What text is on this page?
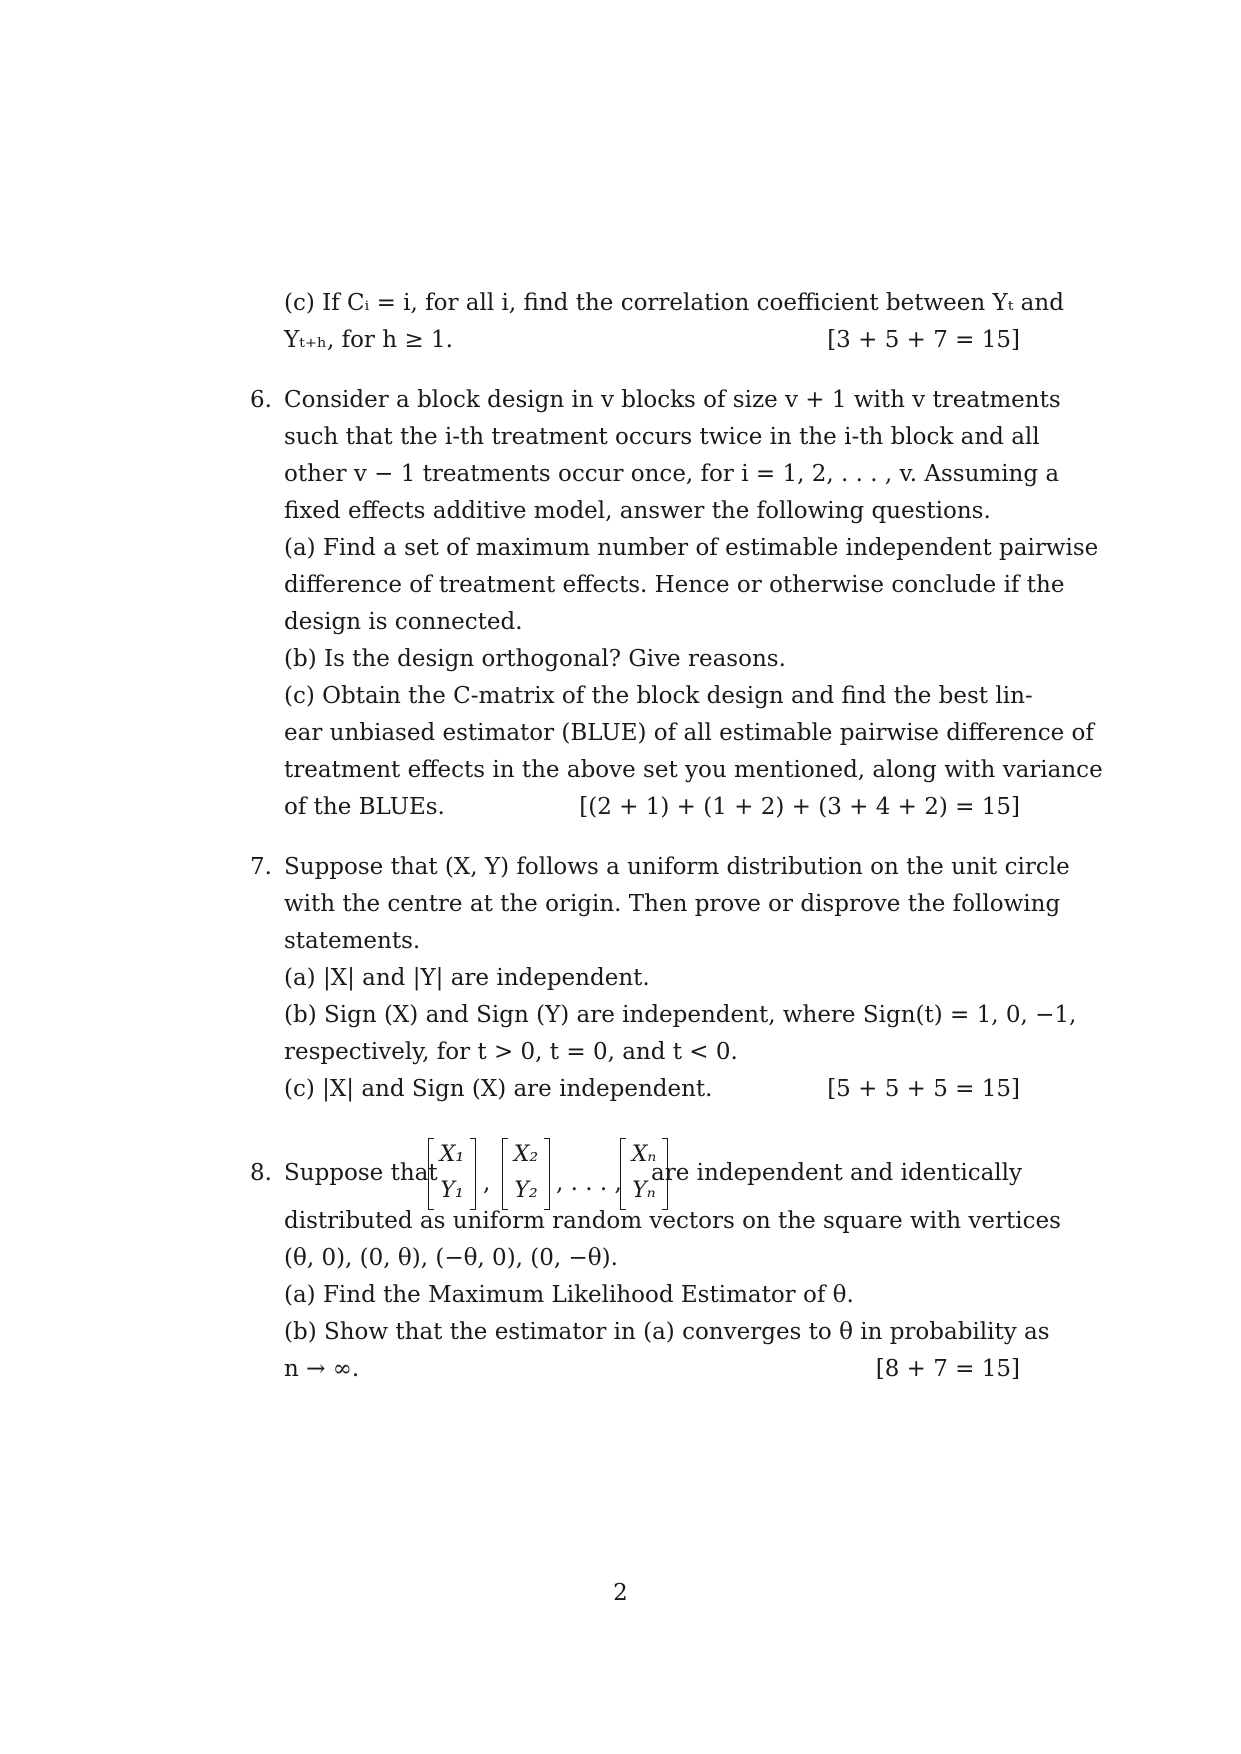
(c) If Cᵢ = i, for all i, find the correlation coefficient between Yₜ and
Yₜ₊ₕ, for h ≥ 1.	[3 + 5 + 7 = 15]
6. Consider a block design in v blocks of size v + 1 with v treatments
such that the i-th treatment occurs twice in the i-th block and all
other v − 1 treatments occur once, for i = 1, 2, . . . , v. Assuming a
fixed effects additive model, answer the following questions.
(a) Find a set of maximum number of estimable independent pairwise
difference of treatment effects. Hence or otherwise conclude if the
design is connected.
(b) Is the design orthogonal? Give reasons.
(c) Obtain the C-matrix of the block design and find the best lin-
ear unbiased estimator (BLUE) of all estimable pairwise difference of
treatment effects in the above set you mentioned, along with variance
of the BLUEs.	[(2 + 1) + (1 + 2) + (3 + 4 + 2) = 15]
7. Suppose that (X, Y) follows a uniform distribution on the unit circle
with the centre at the origin. Then prove or disprove the following
statements.
(a) |X| and |Y| are independent.
(b) Sign (X) and Sign (Y) are independent, where Sign(t) = 1, 0, −1,
respectively, for t > 0, t = 0, and t < 0.
(c) |X| and Sign (X) are independent.	[5 + 5 + 5 = 15]
8. Suppose that
X₁
Y₁ ,
X₂
Y₂ , . . . ,
Xₙ
Yₙ
are independent and identically
distributed as uniform random vectors on the square with vertices
(θ, 0), (0, θ), (−θ, 0), (0, −θ).
(a) Find the Maximum Likelihood Estimator of θ.
(b) Show that the estimator in (a) converges to θ in probability as
n → ∞.	[8 + 7 = 15]
2
